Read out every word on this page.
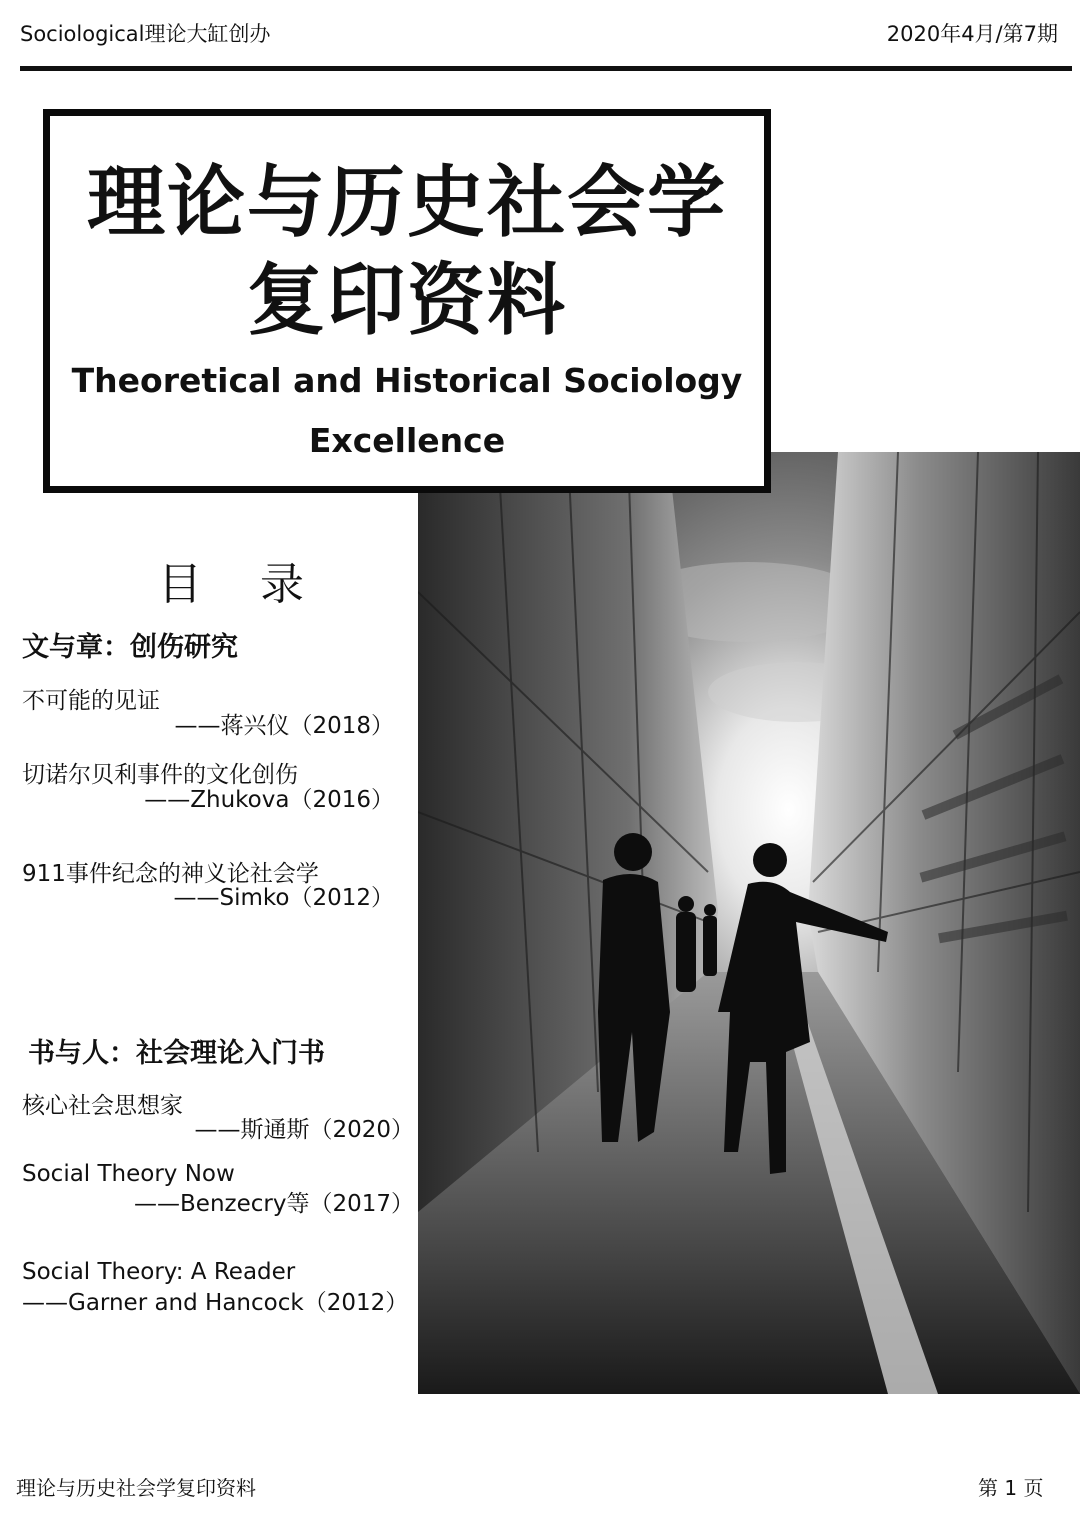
Sociological理论大缸创办	2020年4月/第7期
理论与历史社会学
复印资料
Theoretical and Historical Sociology
Excellence
目 录
文与章：创伤研究
不可能的见证
——蒋兴仪（2018）
切诺尔贝利事件的文化创伤
——Zhukova（2016）
911事件纪念的神义论社会学
——Simko（2012）
书与人：社会理论入门书
核心社会思想家
——斯通斯（2020）
Social Theory Now
——Benzecry等（2017）
Social Theory: A Reader
——Garner and Hancock（2012）
理论与历史社会学复印资料	第 1 页
